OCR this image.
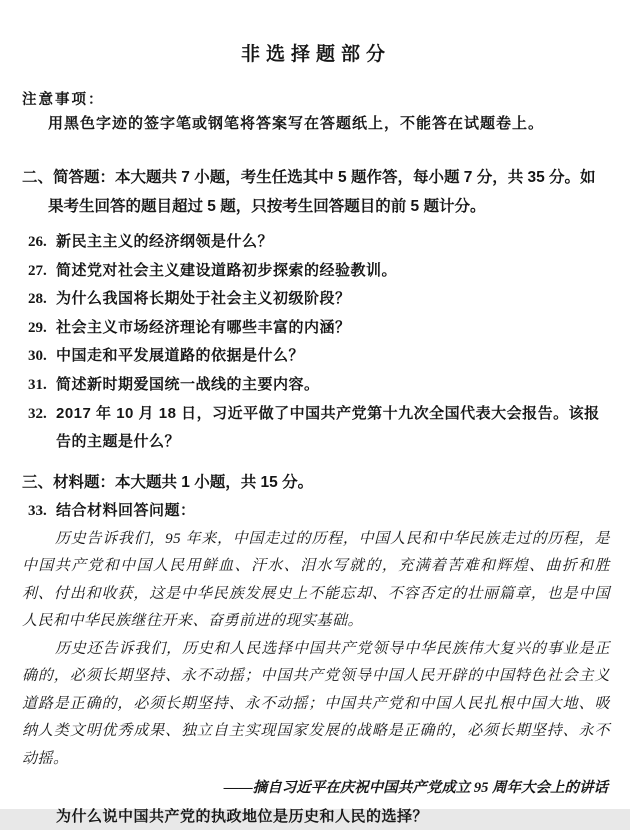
非选择题部分
注意事项：
用黑色字迹的签字笔或钢笔将答案写在答题纸上，不能答在试题卷上。
二、简答题：本大题共 7 小题，考生任选其中 5 题作答，每小题 7 分，共 35 分。如果考生回答的题目超过 5 题，只按考生回答题目的前 5 题计分。
26. 新民主主义的经济纲领是什么？
27. 简述党对社会主义建设道路初步探索的经验教训。
28. 为什么我国将长期处于社会主义初级阶段？
29. 社会主义市场经济理论有哪些丰富的内涵？
30. 中国走和平发展道路的依据是什么？
31. 简述新时期爱国统一战线的主要内容。
32. 2017 年 10 月 18 日，习近平做了中国共产党第十九次全国代表大会报告。该报告的主题是什么？
三、材料题：本大题共 1 小题，共 15 分。
33. 结合材料回答问题：

历史告诉我们，95 年来，中国走过的历程，中国人民和中华民族走过的历程，是中国共产党和中国人民用鲜血、汗水、泪水写就的，充满着苦难和辉煌、曲折和胜利、付出和收获，这是中华民族发展史上不能忘却、不容否定的壮丽篇章，也是中国人民和中华民族继往开来、奋勇前进的现实基础。

历史还告诉我们，历史和人民选择中国共产党领导中华民族伟大复兴的事业是正确的，必须长期坚持、永不动摇；中国共产党领导中国人民开辟的中国特色社会主义道路是正确的，必须长期坚持、永不动摇；中国共产党和中国人民扎根中国大地、吸纳人类文明优秀成果、独立自主实现国家发展的战略是正确的，必须长期坚持、永不动摇。

——摘自习近平在庆祝中国共产党成立 95 周年大会上的讲话
为什么说中国共产党的执政地位是历史和人民的选择？
